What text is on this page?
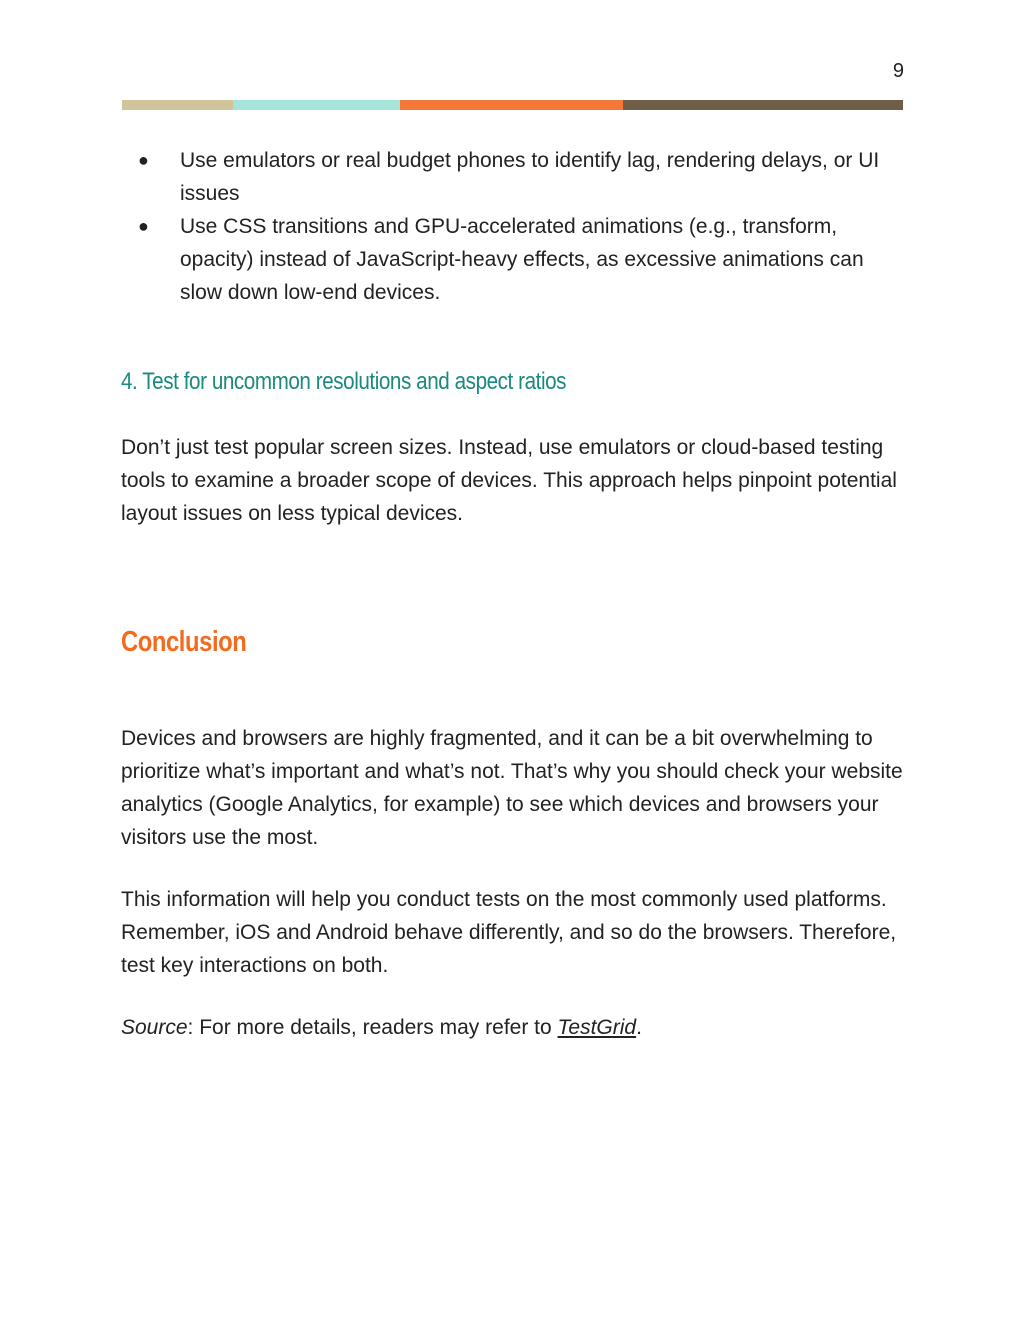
9
● Use emulators or real budget phones to identify lag, rendering delays, or UI issues
● Use CSS transitions and GPU-accelerated animations (e.g., transform, opacity) instead of JavaScript-heavy effects, as excessive animations can slow down low-end devices.
4. Test for uncommon resolutions and aspect ratios

Don’t just test popular screen sizes. Instead, use emulators or cloud-based testing tools to examine a broader scope of devices. This approach helps pinpoint potential layout issues on less typical devices.

Conclusion

Devices and browsers are highly fragmented, and it can be a bit overwhelming to prioritize what’s important and what’s not. That’s why you should check your website analytics (Google Analytics, for example) to see which devices and browsers your visitors use the most.

This information will help you conduct tests on the most commonly used platforms. Remember, iOS and Android behave differently, and so do the browsers. Therefore, test key interactions on both.

Source: For more details, readers may refer to TestGrid.
